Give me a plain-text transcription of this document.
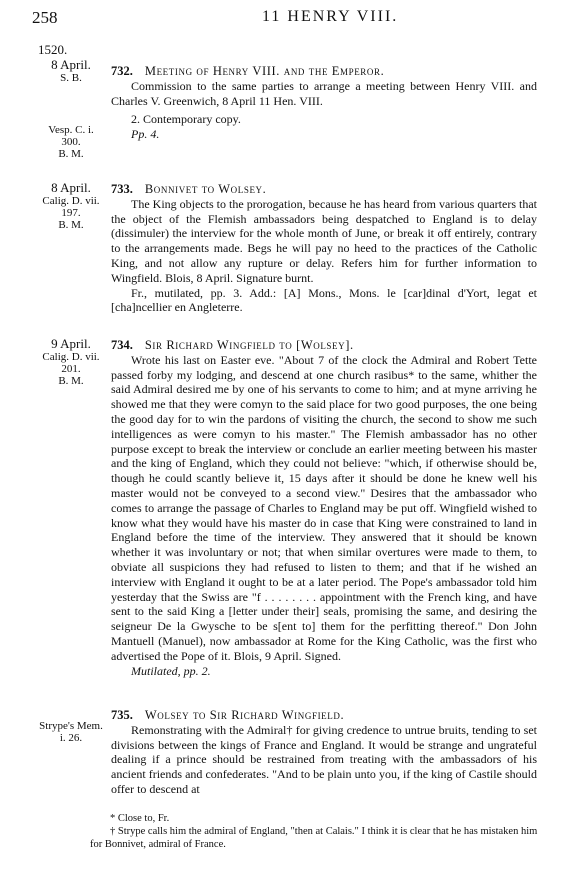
258	11 HENRY VIII.
1520.
8 April.
S. B.
Vesp. C. i.
300.
B. M.
8 April.
Calig. D. vii.
197.
B. M.
9 April.
Calig. D. vii.
201.
B. M.
Strype's Mem.
i. 26.

732. Meeting of Henry VIII. and the Emperor.

Commission to the same parties to arrange a meeting between Henry VIII. and Charles V. Greenwich, 8 April 11 Hen. VIII.

2. Contemporary copy.

Pp. 4.

733. Bonnivet to Wolsey.

The King objects to the prorogation, because he has heard from various quarters that the object of the Flemish ambassadors being despatched to England is to delay (dissimuler) the interview for the whole month of June, or break it off entirely, contrary to the arrangements made. Begs he will pay no heed to the practices of the Catholic King, and not allow any rupture or delay. Refers him for further information to Wingfield. Blois, 8 April. Signature burnt.

Fr., mutilated, pp. 3. Add.: [A] Mons., Mons. le [car]dinal d'Yort, legat et [cha]ncellier en Angleterre.

734. Sir Richard Wingfield to [Wolsey].

Wrote his last on Easter eve. "About 7 of the clock the Admiral and Robert Tette passed forby my lodging, and descend at one church rasibus* to the same, whither the said Admiral desired me by one of his servants to come to him; and at myne arriving he showed me that they were comyn to the said place for two good purposes, the one being the good day for to win the pardons of visiting the church, the second to show me such intelligences as were comyn to his master." The Flemish ambassador has no other purpose except to break the interview or conclude an earlier meeting between his master and the king of England, which they could not believe: "which, if otherwise should be, though he could scantly believe it, 15 days after it should be done he knew well his master would not be conveyed to a second view." Desires that the ambassador who comes to arrange the passage of Charles to England may be put off. Wingfield wished to know what they would have his master do in case that King were constrained to land in England before the time of the interview. They answered that it should be known whether it was involuntary or not; that when similar overtures were made to them, to obviate all suspicions they had refused to listen to them; and that if he wished an interview with England it ought to be at a later period. The Pope's ambassador told him yesterday that the Swiss are "f . . . . . . . . appointment with the French king, and have sent to the said King a [letter under their] seals, promising the same, and desiring the seigneur De la Gwysche to be s[ent to] them for the perfitting thereof." Don John Mantuell (Manuel), now ambassador at Rome for the King Catholic, was the first who advertised the Pope of it. Blois, 9 April. Signed.

Mutilated, pp. 2.

735. Wolsey to Sir Richard Wingfield.

Remonstrating with the Admiral† for giving credence to untrue bruits, tending to set divisions between the kings of France and England. It would be strange and ungrateful dealing if a prince should be restrained from treating with the ambassadors of his ancient friends and confederates. "And to be plain unto you, if the king of Castile should offer to descend at

* Close to, Fr.

† Strype calls him the admiral of England, "then at Calais." I think it is clear that he has mistaken him for Bonnivet, admiral of France.
